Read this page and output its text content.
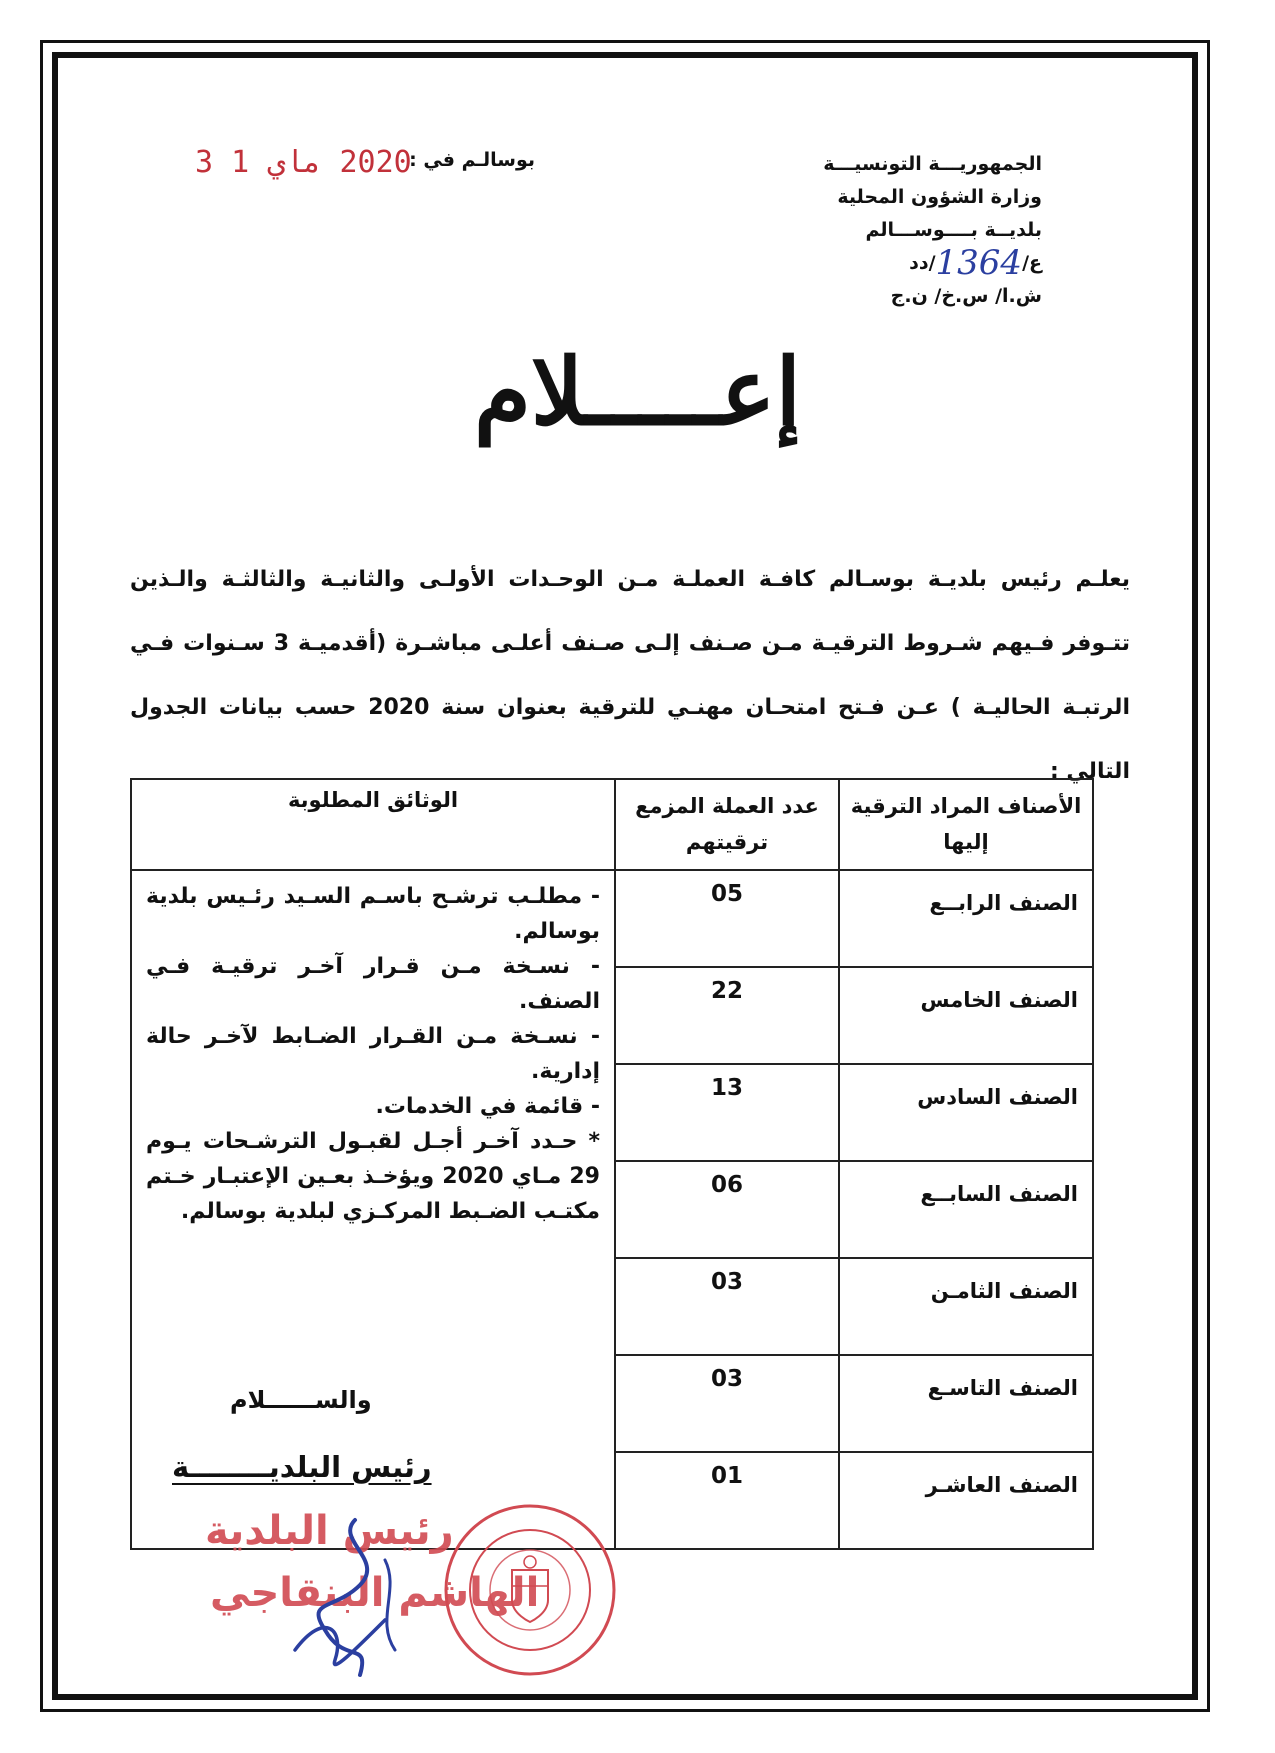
الجمهوريـــة التونسيـــة
وزارة الشؤون المحلية
بلديــة بــــوســـالم
ع/1364/دد
ش.ا/ س.خ/ ن.ج
بوسالـم في :
2020 ماي 1 3
إعـــــلام
يعلـم رئيس بلديـة بوسـالم كافـة العملـة مـن الوحـدات الأولـى والثانيـة والثالثـة والـذين تتـوفر فـيهم شـروط الترقيـة مـن صـنف إلـى صـنف أعلـى مباشـرة (أقدميـة 3 سـنوات فـي الرتبـة الحاليـة ) عـن فـتح امتحـان مهنـي للترقية بعنوان سنة 2020 حسب بيانات الجدول التالي :
الأصناف المراد الترقية إليها	عدد العملة المزمع ترقيتهم	الوثائق المطلوبة
الصنف الرابــع	05	- مطلـب ترشـح باسـم السـيد رئـيس بلدية بوسالم.
- نسـخة مـن قـرار آخـر ترقيـة فـي الصنف.
- نسـخة مـن القـرار الضـابط لآخـر حالة إدارية.
- قائمة في الخدمات.
* حـدد آخـر أجـل لقبـول الترشـحات يـوم 29 مـاي 2020 ويؤخـذ بعـين الإعتبـار خـتم مكتـب الضـبط المركـزي لبلدية بوسالم.

الصنف الخامس	22	
الصنف السادس	13	
الصنف السابــع	06	
الصنف الثامـن	03	
الصنف التاسـع	03	
الصنف العاشـر	01	
والســــــلام
رئيس البلديــــــــة
رئيس البلدية
الهاشم البنقاجي
